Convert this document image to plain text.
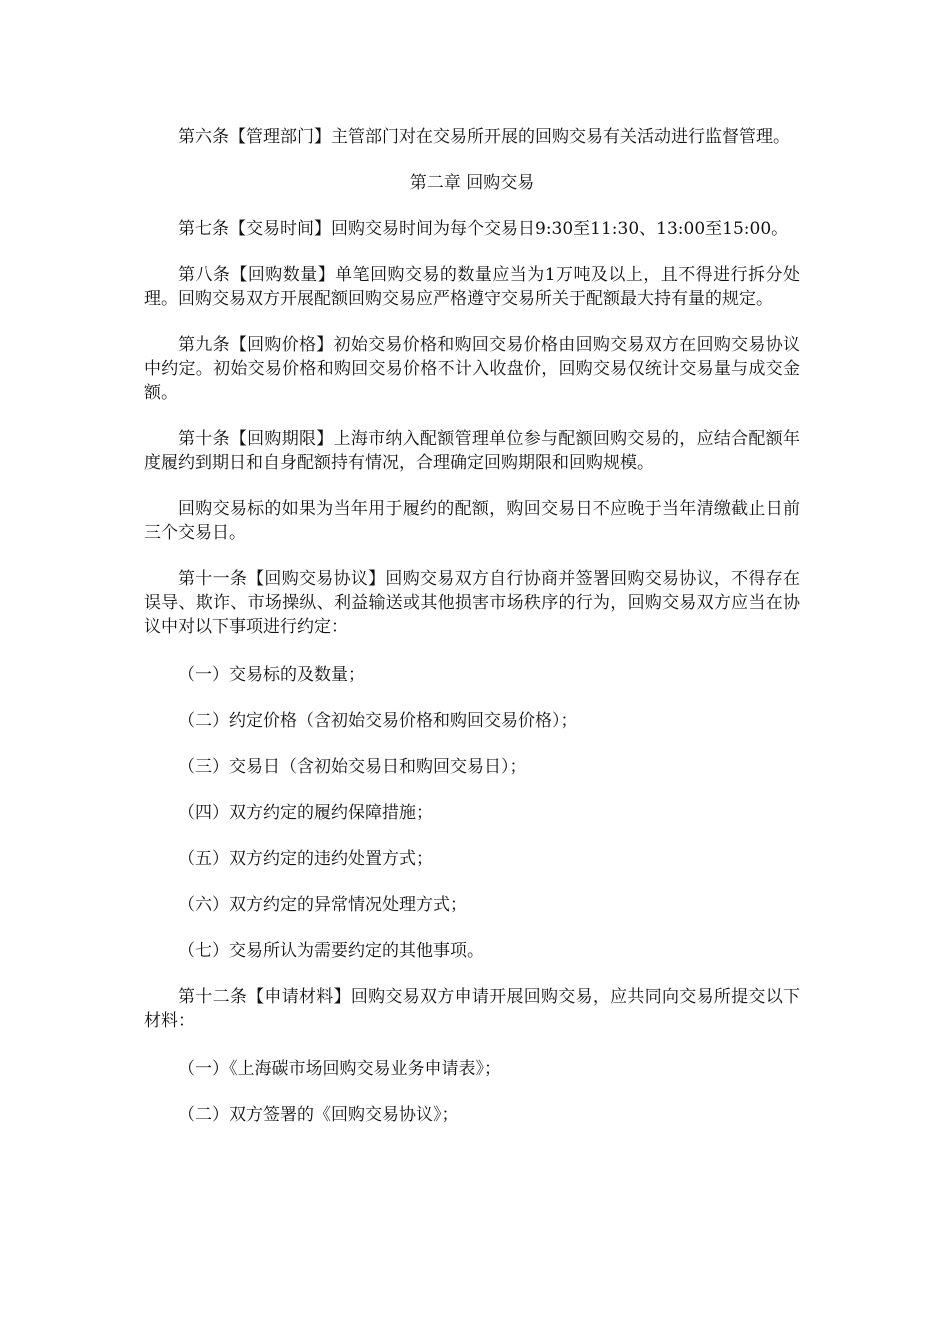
第六条【管理部门】主管部门对在交易所开展的回购交易有关活动进行监督管理。

第二章 回购交易

第七条【交易时间】回购交易时间为每个交易日9:30至11:30、13:00至15:00。

第八条【回购数量】单笔回购交易的数量应当为1万吨及以上，且不得进行拆分处理。回购交易双方开展配额回购交易应严格遵守交易所关于配额最大持有量的规定。

第九条【回购价格】初始交易价格和购回交易价格由回购交易双方在回购交易协议中约定。初始交易价格和购回交易价格不计入收盘价，回购交易仅统计交易量与成交金额。

第十条【回购期限】上海市纳入配额管理单位参与配额回购交易的，应结合配额年度履约到期日和自身配额持有情况，合理确定回购期限和回购规模。

回购交易标的如果为当年用于履约的配额，购回交易日不应晚于当年清缴截止日前三个交易日。

第十一条【回购交易协议】回购交易双方自行协商并签署回购交易协议，不得存在误导、欺诈、市场操纵、利益输送或其他损害市场秩序的行为，回购交易双方应当在协议中对以下事项进行约定：

（一）交易标的及数量；

（二）约定价格（含初始交易价格和购回交易价格）；

（三）交易日（含初始交易日和购回交易日）；

（四）双方约定的履约保障措施；

（五）双方约定的违约处置方式；

（六）双方约定的异常情况处理方式；

（七）交易所认为需要约定的其他事项。

第十二条【申请材料】回购交易双方申请开展回购交易，应共同向交易所提交以下材料：

（一）《上海碳市场回购交易业务申请表》；

（二）双方签署的《回购交易协议》；
